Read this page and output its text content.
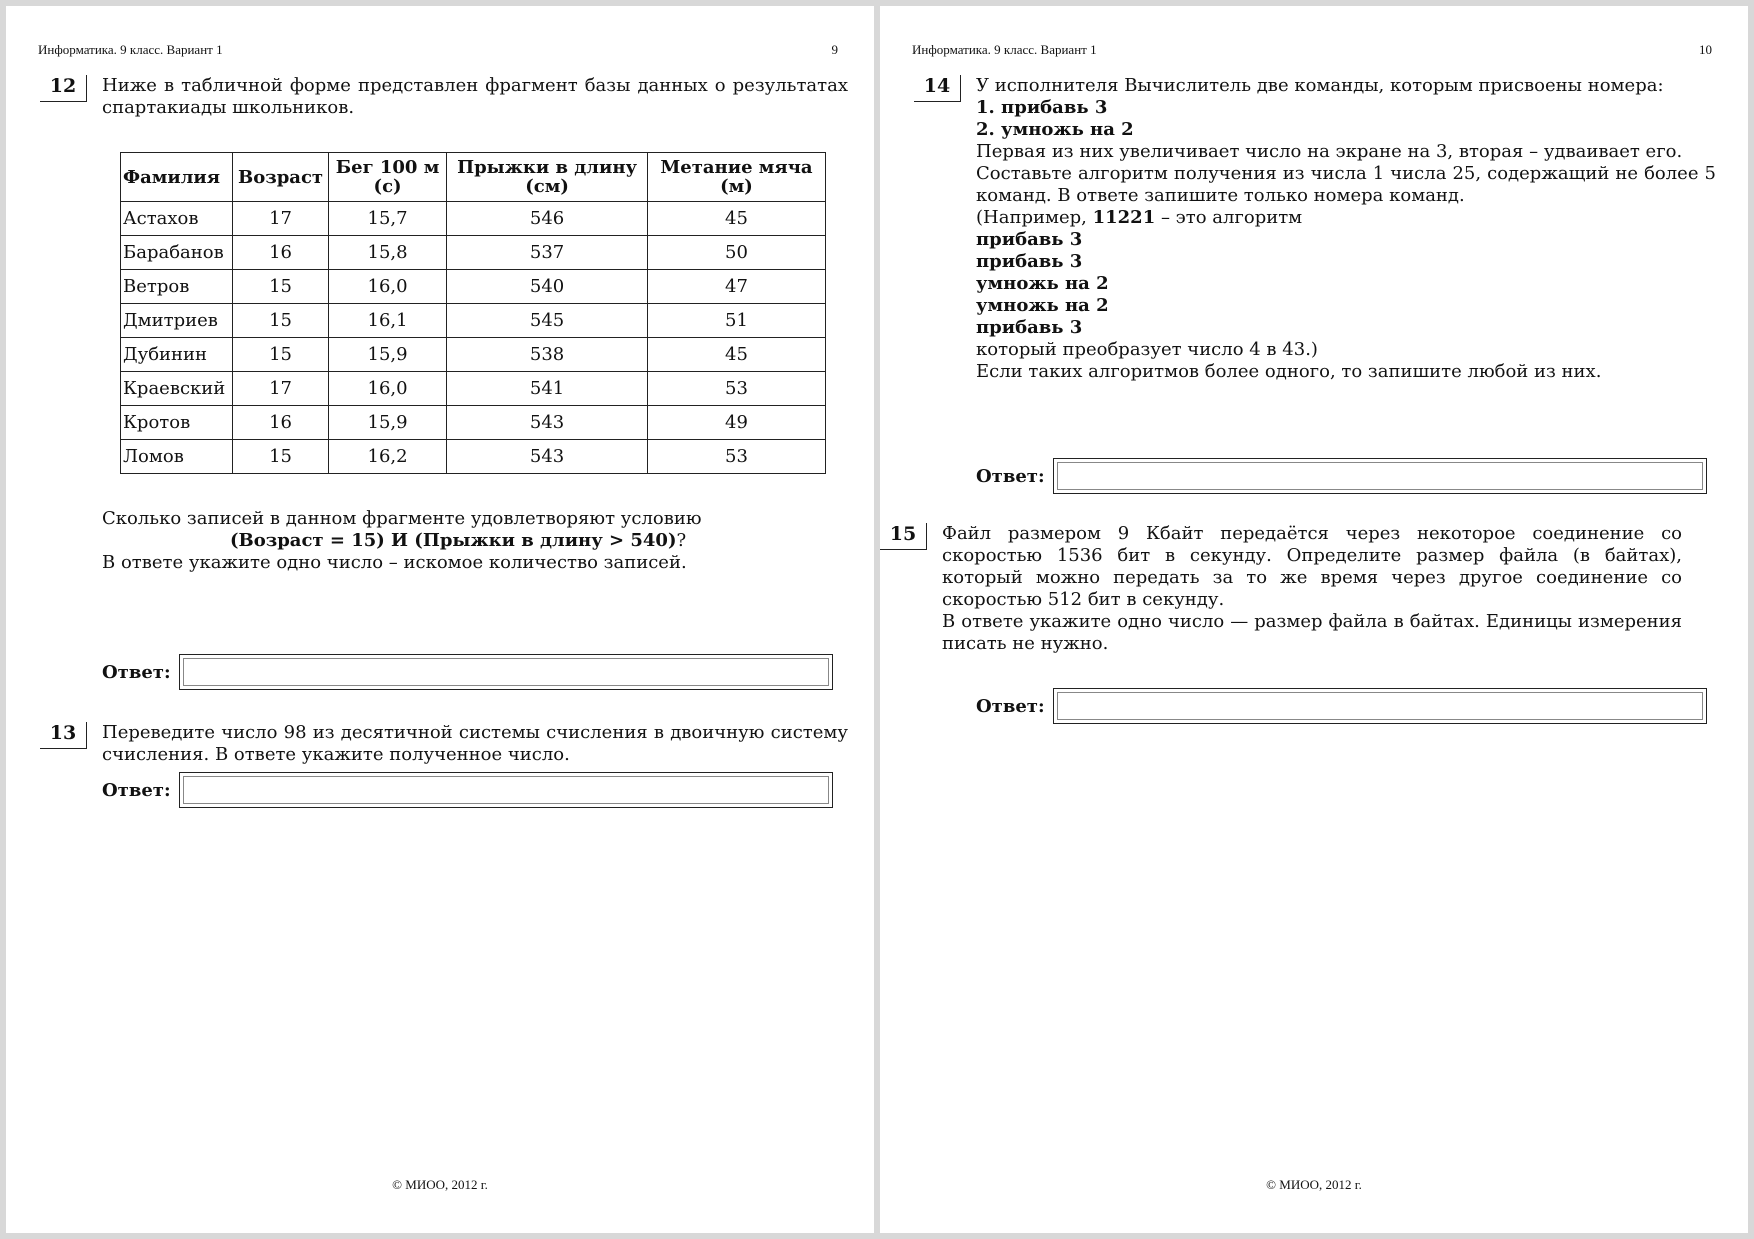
Информатика. 9 класс. Вариант 1	9
12	Ниже в табличной форме представлен фрагмент базы данных о результатах спартакиады школьников.
Фамилия	Возраст	Бег 100 м (с)	Прыжки в длину (см)	Метание мяча (м)
Астахов	17	15,7	546	45
Барабанов	16	15,8	537	50
Ветров	15	16,0	540	47
Дмитриев	15	16,1	545	51
Дубинин	15	15,9	538	45
Краевский	17	16,0	541	53
Кротов	16	15,9	543	49
Ломов	15	16,2	543	53
Сколько записей в данном фрагменте удовлетворяют условию
(Возраст = 15) И (Прыжки в длину > 540)?
В ответе укажите одно число – искомое количество записей.
Ответ:
13	Переведите число 98 из десятичной системы счисления в двоичную систему счисления. В ответе укажите полученное число.
Ответ:
© МИОО, 2012 г.
Информатика. 9 класс. Вариант 1	10
14	У исполнителя Вычислитель две команды, которым присвоены номера:
1. прибавь 3
2. умножь на 2
Первая из них увеличивает число на экране на 3, вторая – удваивает его.
Составьте алгоритм получения из числа 1 числа 25, содержащий не более 5 команд. В ответе запишите только номера команд.
(Например, 11221 – это алгоритм
прибавь 3
прибавь 3
умножь на 2
умножь на 2
прибавь 3
который преобразует число 4 в 43.)
Если таких алгоритмов более одного, то запишите любой из них.
Ответ:
15	Файл размером 9 Кбайт передаётся через некоторое соединение со скоростью 1536 бит в секунду. Определите размер файла (в байтах), который можно передать за то же время через другое соединение со скоростью 512 бит в секунду.
В ответе укажите одно число — размер файла в байтах. Единицы измерения писать не нужно.
Ответ:
© МИОО, 2012 г.
